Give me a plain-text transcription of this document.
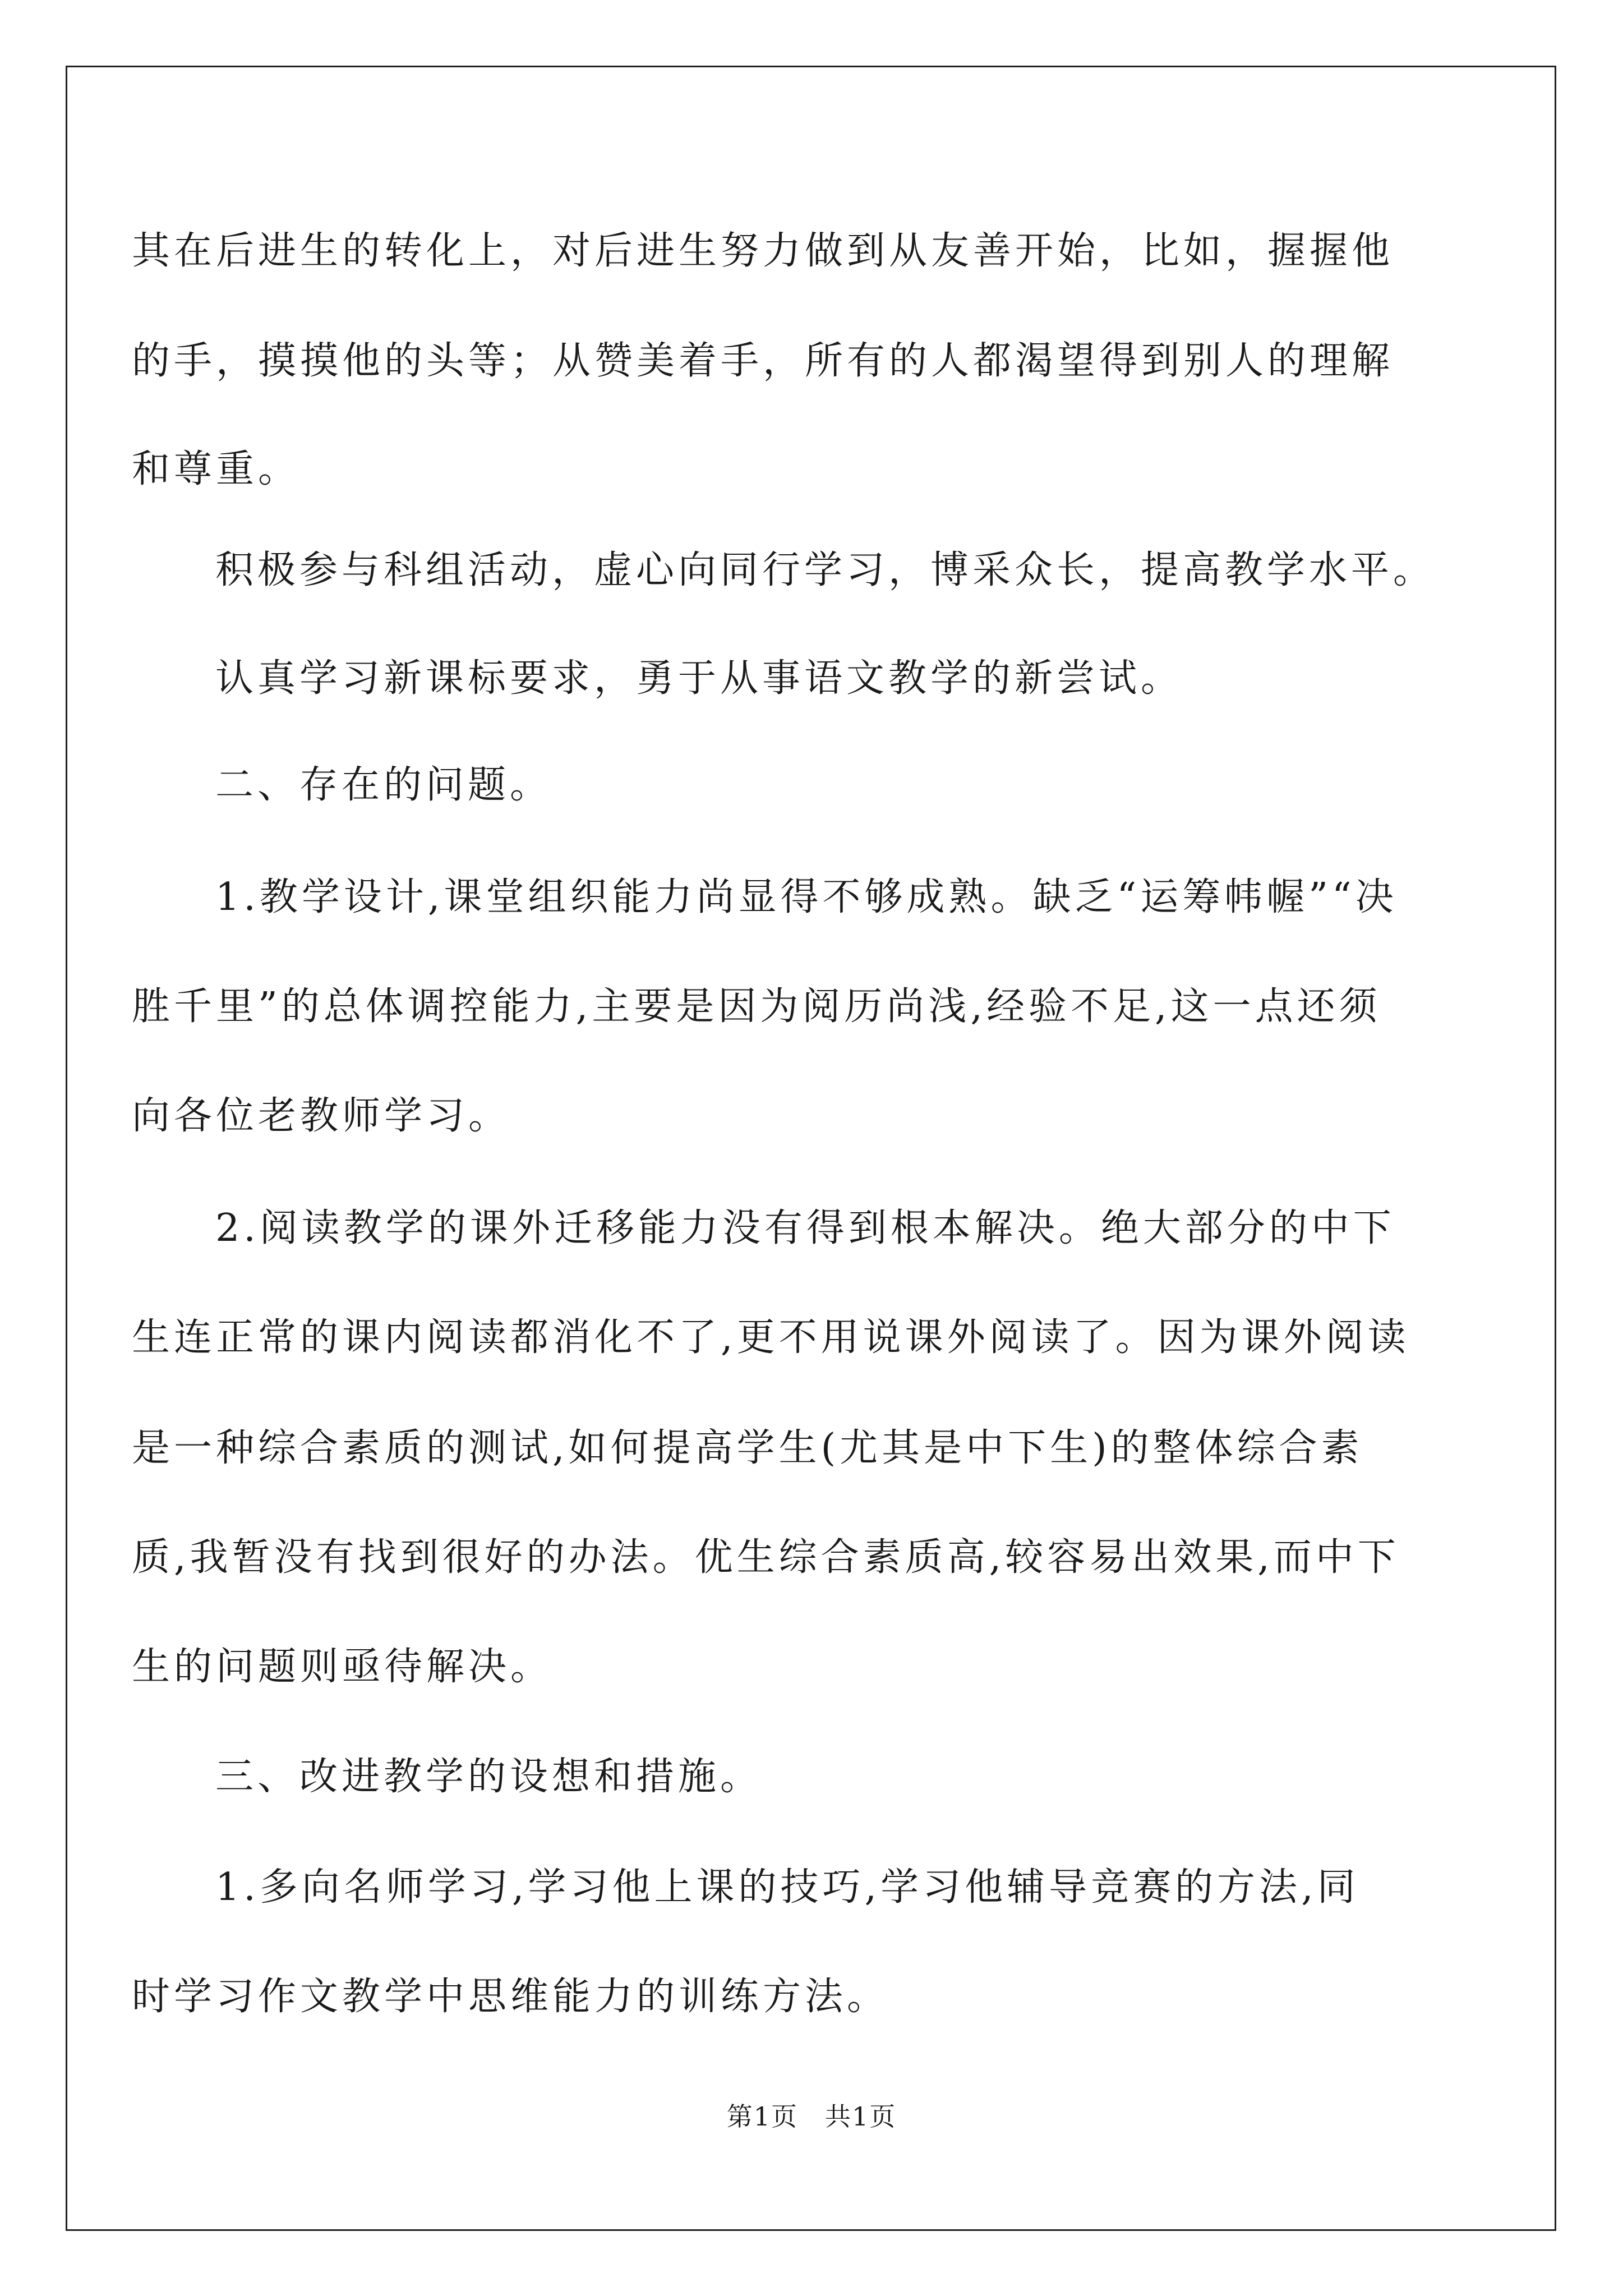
其在后进生的转化上，对后进生努力做到从友善开始，比如，握握他
的手，摸摸他的头等；从赞美着手，所有的人都渴望得到别人的理解
和尊重。
积极参与科组活动，虚心向同行学习，博采众长，提高教学水平。
认真学习新课标要求，勇于从事语文教学的新尝试。
二、存在的问题。
1.教学设计,课堂组织能力尚显得不够成熟。缺乏“运筹帏幄”“决
胜千里”的总体调控能力,主要是因为阅历尚浅,经验不足,这一点还须
向各位老教师学习。
2.阅读教学的课外迁移能力没有得到根本解决。绝大部分的中下
生连正常的课内阅读都消化不了,更不用说课外阅读了。因为课外阅读
是一种综合素质的测试,如何提高学生(尤其是中下生)的整体综合素
质,我暂没有找到很好的办法。优生综合素质高,较容易出效果,而中下
生的问题则亟待解决。
三、改进教学的设想和措施。
1.多向名师学习,学习他上课的技巧,学习他辅导竞赛的方法,同
时学习作文教学中思维能力的训练方法。
第1页　共1页
